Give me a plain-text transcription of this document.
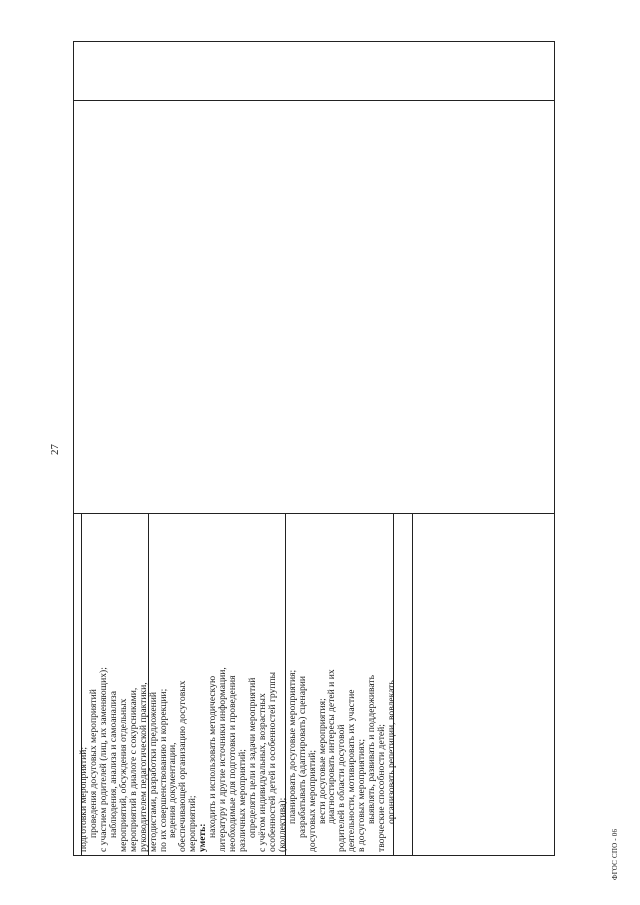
27
ФГОС СПО - 06
подготовки мероприятий;
проведения досуговых мероприятий
с участием родителей (лиц, их заменяющих);
наблюдения, анализа и самоанализа
мероприятий, обсуждения отдельных
мероприятий в диалоге с сокурсниками,
руководителем педагогической практики,
методистами, разработки предложений
по их совершенствованию и коррекции;
ведения документации,
обеспечивающей организацию досуговых
мероприятий;
уметь:
находить и использовать методическую
литературу и другие источники информации,
необходимые для подготовки и проведения
различных мероприятий;
определять цели и задачи мероприятий
с учётом индивидуальных, возрастных
особенностей детей и особенностей группы
(коллектива);
планировать досуговые мероприятия;
разрабатывать (адаптировать) сценарии
досуговых мероприятий;
вести досуговые мероприятия;
диагностировать интересы детей и их
родителей в области досуговой
деятельности, мотивировать их участие
в досуговых мероприятиях;
выявлять, развивать и поддерживать
творческие способности детей;
организовать репетиции, вовлекать
